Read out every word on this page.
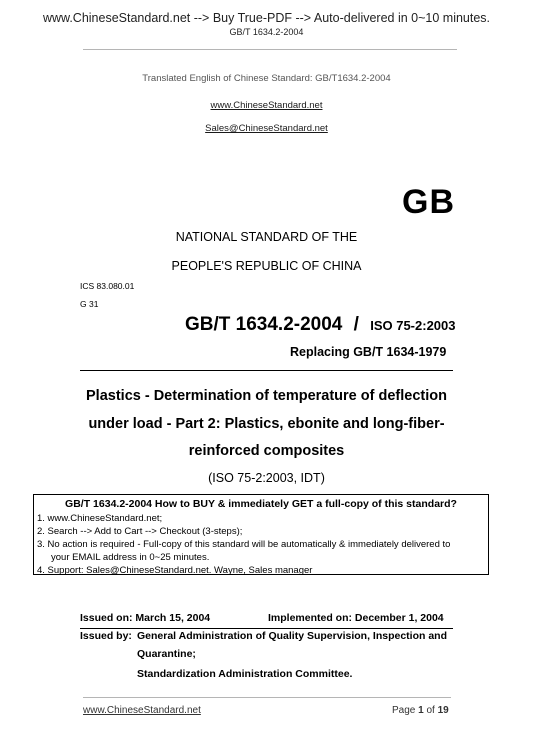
www.ChineseStandard.net --> Buy True-PDF --> Auto-delivered in 0~10 minutes.
GB/T 1634.2-2004
Translated English of Chinese Standard: GB/T1634.2-2004
www.ChineseStandard.net
Sales@ChineseStandard.net
GB
NATIONAL STANDARD OF THE
PEOPLE'S REPUBLIC OF CHINA
ICS 83.080.01
G 31
GB/T 1634.2-2004 / ISO 75-2:2003
Replacing GB/T 1634-1979
Plastics - Determination of temperature of deflection
under load - Part 2: Plastics, ebonite and long-fiber-
reinforced composites
(ISO 75-2:2003, IDT)
GB/T 1634.2-2004 How to BUY & immediately GET a full-copy of this standard?
1. www.ChineseStandard.net;
2. Search --> Add to Cart --> Checkout (3-steps);
3. No action is required - Full-copy of this standard will be automatically & immediately delivered to
your EMAIL address in 0~25 minutes.
4. Support: Sales@ChineseStandard.net. Wayne, Sales manager
Issued on: March 15, 2004	Implemented on: December 1, 2004
Issued by: General Administration of Quality Supervision, Inspection and
Quarantine;
Standardization Administration Committee.
www.ChineseStandard.net	Page 1 of 19
